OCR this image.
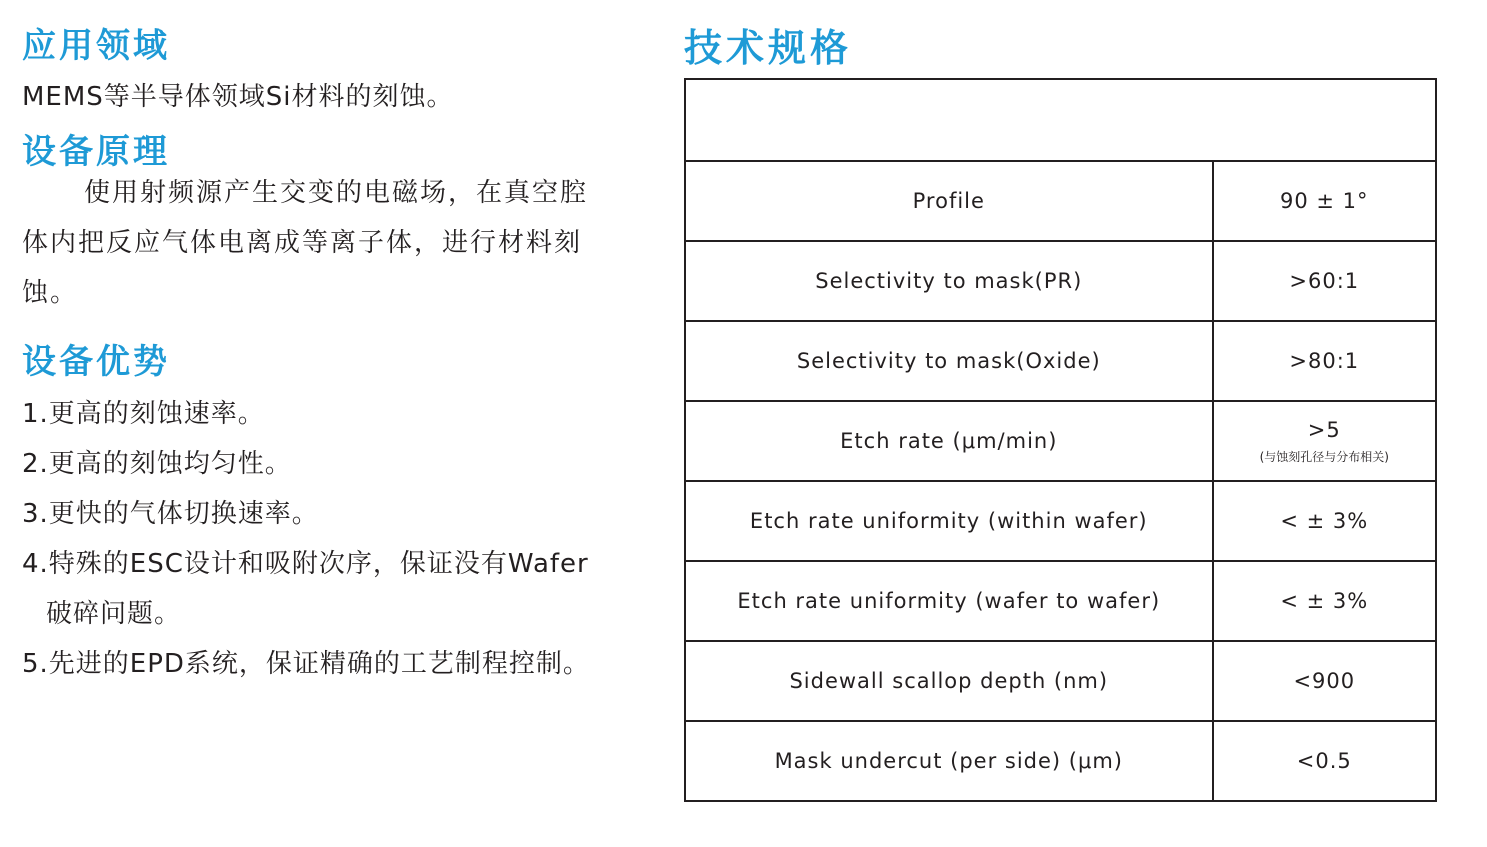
应用领域

MEMS等半导体领域Si材料的刻蚀。

设备原理
使用射频源产生交变的电磁场，在真空腔
体内把反应气体电离成等离子体，进行材料刻
蚀。
设备优势

1.更高的刻蚀速率。

2.更高的刻蚀均匀性。

3.更快的气体切换速率。

4.特殊的ESC设计和吸附次序，保证没有Wafer

破碎问题。

5.先进的EPD系统，保证精确的工艺制程控制。

技术规格

Profile	90 ± 1°
Selectivity to mask(PR)	>60:1
Selectivity to mask(Oxide)	>80:1
Etch rate (μm/min)	>5
(与蚀刻孔径与分布相关)

Etch rate uniformity (within wafer)	< ± 3%
Etch rate uniformity (wafer to wafer)	< ± 3%
Sidewall scallop depth (nm)	<900
Mask undercut (per side) (μm)	<0.5
